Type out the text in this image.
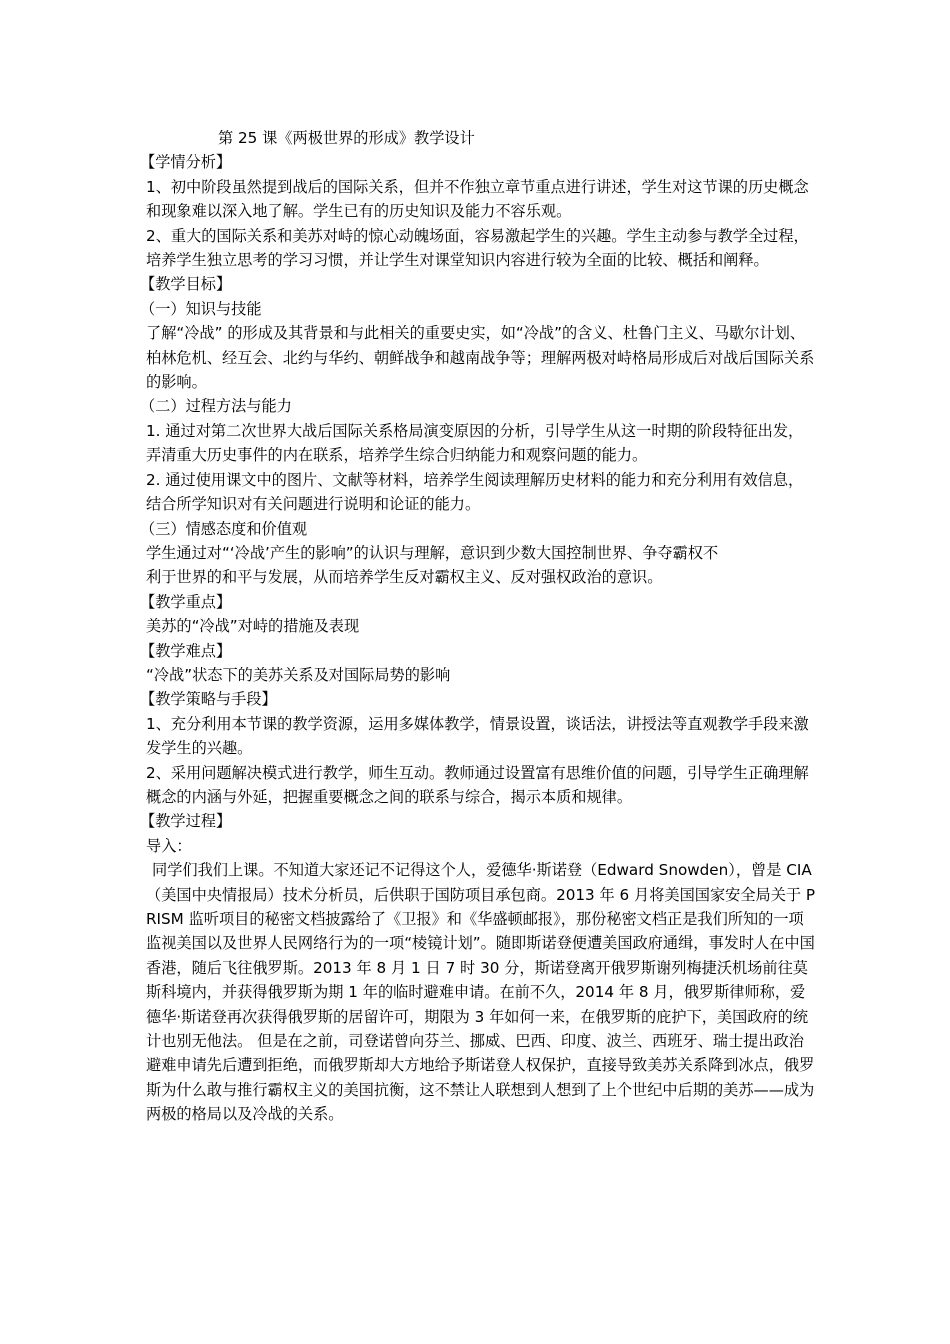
第 25 课《两极世界的形成》教学设计

【学情分析】

1、初中阶段虽然提到战后的国际关系，但并不作独立章节重点进行讲述，学生对这节课的历史概念和现象难以深入地了解。学生已有的历史知识及能力不容乐观。

2、重大的国际关系和美苏对峙的惊心动魄场面，容易激起学生的兴趣。学生主动参与教学全过程，培养学生独立思考的学习习惯，并让学生对课堂知识内容进行较为全面的比较、概括和阐释。

【教学目标】

（一）知识与技能

了解“冷战” 的形成及其背景和与此相关的重要史实，如“冷战”的含义、杜鲁门主义、马歇尔计划、柏林危机、经互会、北约与华约、朝鲜战争和越南战争等；理解两极对峙格局形成后对战后国际关系的影响。

（二）过程方法与能力

1. 通过对第二次世界大战后国际关系格局演变原因的分析，引导学生从这一时期的阶段特征出发，弄清重大历史事件的内在联系，培养学生综合归纳能力和观察问题的能力。

2. 通过使用课文中的图片、文献等材料，培养学生阅读理解历史材料的能力和充分利用有效信息，结合所学知识对有关问题进行说明和论证的能力。

（三）情感态度和价值观

学生通过对“‘冷战’产生的影响”的认识与理解，意识到少数大国控制世界、争夺霸权不

利于世界的和平与发展，从而培养学生反对霸权主义、反对强权政治的意识。

【教学重点】

美苏的“冷战”对峙的措施及表现

【教学难点】

“冷战”状态下的美苏关系及对国际局势的影响

【教学策略与手段】

1、充分利用本节课的教学资源，运用多媒体教学，情景设置，谈话法，讲授法等直观教学手段来激发学生的兴趣。

2、采用问题解决模式进行教学，师生互动。教师通过设置富有思维价值的问题，引导学生正确理解概念的内涵与外延，把握重要概念之间的联系与综合，揭示本质和规律。

【教学过程】

导入：

同学们我们上课。不知道大家还记不记得这个人，爱德华·斯诺登（Edward Snowden），曾是 CIA（美国中央情报局）技术分析员，后供职于国防项目承包商。2013 年 6 月将美国国家安全局关于 PRISM 监听项目的秘密文档披露给了《卫报》和《华盛顿邮报》，那份秘密文档正是我们所知的一项监视美国以及世界人民网络行为的一项“棱镜计划”。随即斯诺登便遭美国政府通缉，事发时人在中国香港，随后飞往俄罗斯。2013 年 8 月 1 日 7 时 30 分，斯诺登离开俄罗斯谢列梅捷沃机场前往莫斯科境内，并获得俄罗斯为期 1 年的临时避难申请。在前不久，2014 年 8 月，俄罗斯律师称，爱德华·斯诺登再次获得俄罗斯的居留许可，期限为 3 年如何一来，在俄罗斯的庇护下，美国政府的统计也别无他法。 但是在之前，司登诺曾向芬兰、挪威、巴西、印度、波兰、西班牙、瑞士提出政治避难申请先后遭到拒绝，而俄罗斯却大方地给予斯诺登人权保护，直接导致美苏关系降到冰点，俄罗斯为什么敢与推行霸权主义的美国抗衡，这不禁让人联想到人想到了上个世纪中后期的美苏——成为两极的格局以及冷战的关系。
